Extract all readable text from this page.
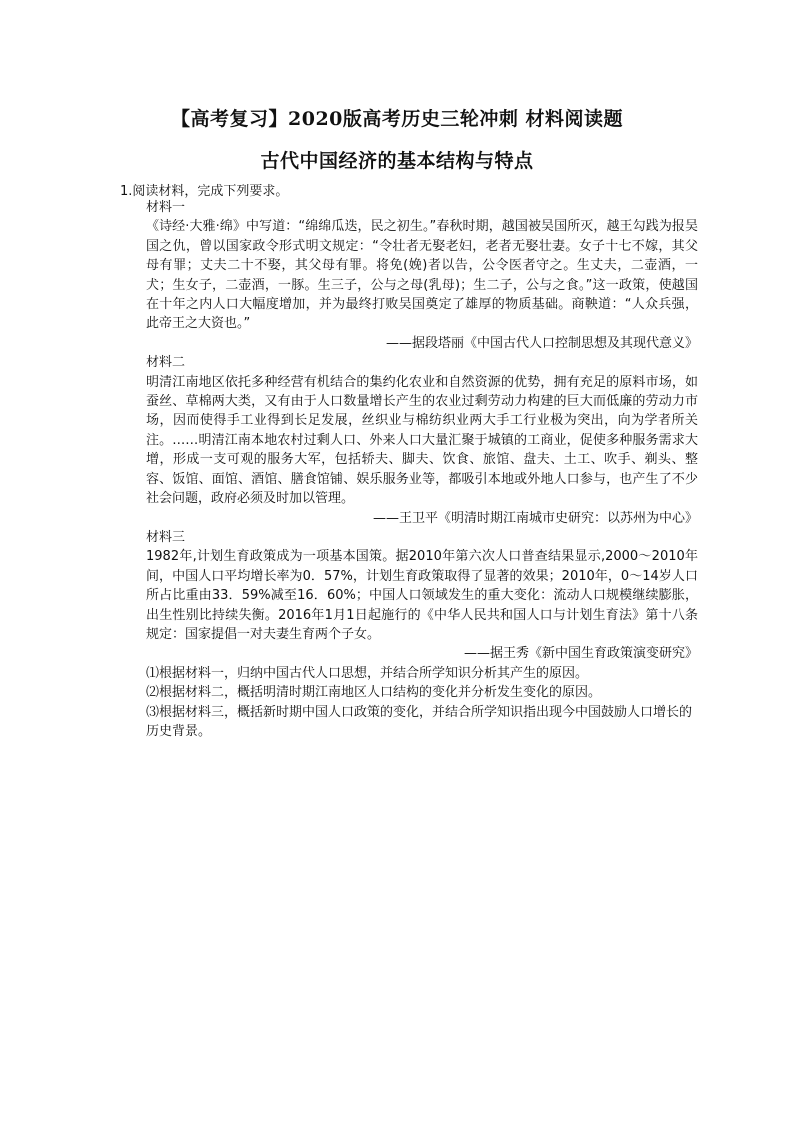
【高考复习】2020版高考历史三轮冲刺 材料阅读题
古代中国经济的基本结构与特点
1.阅读材料，完成下列要求。
材料一
《诗经·大雅·绵》中写道：“绵绵瓜迭，民之初生。”春秋时期，越国被吴国所灭，越王勾践为报吴国之仇，曾以国家政令形式明文规定：“令壮者无娶老妇，老者无娶壮妻。女子十七不嫁，其父母有罪；丈夫二十不娶，其父母有罪。将免(娩)者以告，公令医者守之。生丈夫，二壶酒，一犬；生女子，二壶酒，一豚。生三子，公与之母(乳母)；生二子，公与之食。”这一政策，使越国在十年之内人口大幅度增加，并为最终打败吴国奠定了雄厚的物质基础。商鞅道：“人众兵强，此帝王之大资也。”
——据段塔丽《中国古代人口控制思想及其现代意义》
材料二
明清江南地区依托多种经营有机结合的集约化农业和自然资源的优势，拥有充足的原料市场，如蚕丝、草棉两大类，又有由于人口数量增长产生的农业过剩劳动力构建的巨大而低廉的劳动力市场，因而使得手工业得到长足发展，丝织业与棉纺织业两大手工行业极为突出，向为学者所关注。……明清江南本地农村过剩人口、外来人口大量汇聚于城镇的工商业，促使多种服务需求大增，形成一支可观的服务大军，包括轿夫、脚夫、饮食、旅馆、盘夫、土工、吹手、剃头、整容、饭馆、面馆、酒馆、膳食馆铺、娱乐服务业等，都吸引本地或外地人口参与，也产生了不少社会问题，政府必须及时加以管理。
——王卫平《明清时期江南城市史研究：以苏州为中心》
材料三
1982年,计划生育政策成为一项基本国策。据2010年第六次人口普查结果显示,2000～2010年间，中国人口平均增长率为0．57%，计划生育政策取得了显著的效果；2010年，0～14岁人口所占比重由33．59%减至16．60%；中国人口领域发生的重大变化：流动人口规模继续膨胀，出生性别比持续失衡。2016年1月1日起施行的《中华人民共和国人口与计划生育法》第十八条规定：国家提倡一对夫妻生育两个子女。
——据王秀《新中国生育政策演变研究》
⑴根据材料一，归纳中国古代人口思想，并结合所学知识分析其产生的原因。
⑵根据材料二，概括明清时期江南地区人口结构的变化并分析发生变化的原因。
⑶根据材料三，概括新时期中国人口政策的变化，并结合所学知识指出现今中国鼓励人口增长的历史背景。
